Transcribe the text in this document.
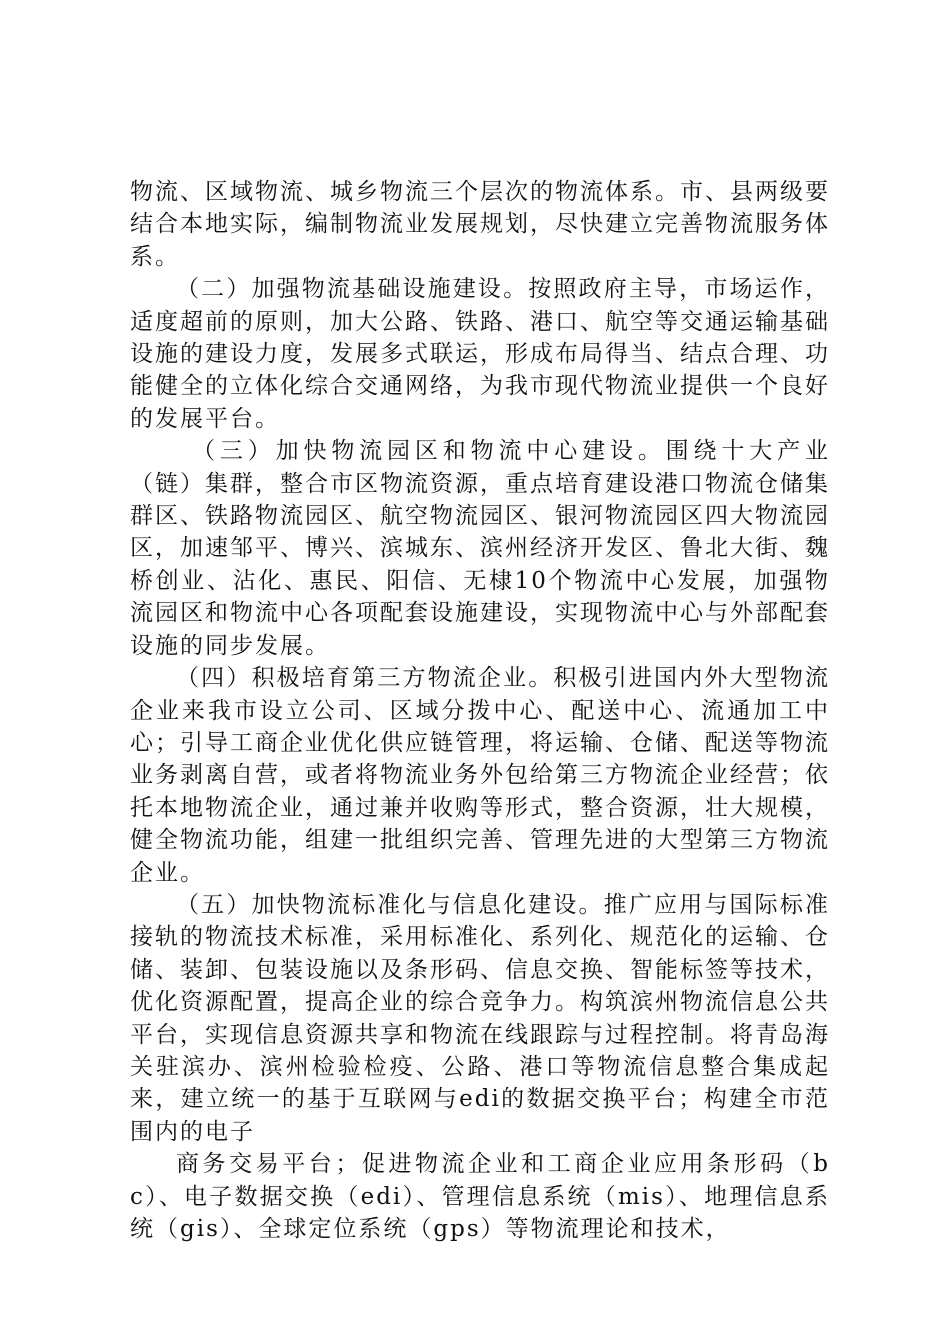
物流、区域物流、城乡物流三个层次的物流体系。市、县两级要结合本地实际，编制物流业发展规划，尽快建立完善物流服务体系。

（二）加强物流基础设施建设。按照政府主导，市场运作，适度超前的原则，加大公路、铁路、港口、航空等交通运输基础设施的建设力度，发展多式联运，形成布局得当、结点合理、功能健全的立体化综合交通网络，为我市现代物流业提供一个良好的发展平台。

（三）加快物流园区和物流中心建设。围绕十大产业（链）集群，整合市区物流资源，重点培育建设港口物流仓储集群区、铁路物流园区、航空物流园区、银河物流园区四大物流园区，加速邹平、博兴、滨城东、滨州经济开发区、鲁北大街、魏桥创业、沾化、惠民、阳信、无棣10个物流中心发展，加强物流园区和物流中心各项配套设施建设，实现物流中心与外部配套设施的同步发展。

（四）积极培育第三方物流企业。积极引进国内外大型物流企业来我市设立公司、区域分拨中心、配送中心、流通加工中心；引导工商企业优化供应链管理，将运输、仓储、配送等物流业务剥离自营，或者将物流业务外包给第三方物流企业经营；依托本地物流企业，通过兼并收购等形式，整合资源，壮大规模，健全物流功能，组建一批组织完善、管理先进的大型第三方物流企业。

（五）加快物流标准化与信息化建设。推广应用与国际标准接轨的物流技术标准，采用标准化、系列化、规范化的运输、仓储、装卸、包装设施以及条形码、信息交换、智能标签等技术，优化资源配置，提高企业的综合竞争力。构筑滨州物流信息公共平台，实现信息资源共享和物流在线跟踪与过程控制。将青岛海关驻滨办、滨州检验检疫、公路、港口等物流信息整合集成起来，建立统一的基于互联网与edi的数据交换平台；构建全市范围内的电子

商务交易平台；促进物流企业和工商企业应用条形码（bc）、电子数据交换（edi）、管理信息系统（mis）、地理信息系统（gis）、全球定位系统（gps）等物流理论和技术，
